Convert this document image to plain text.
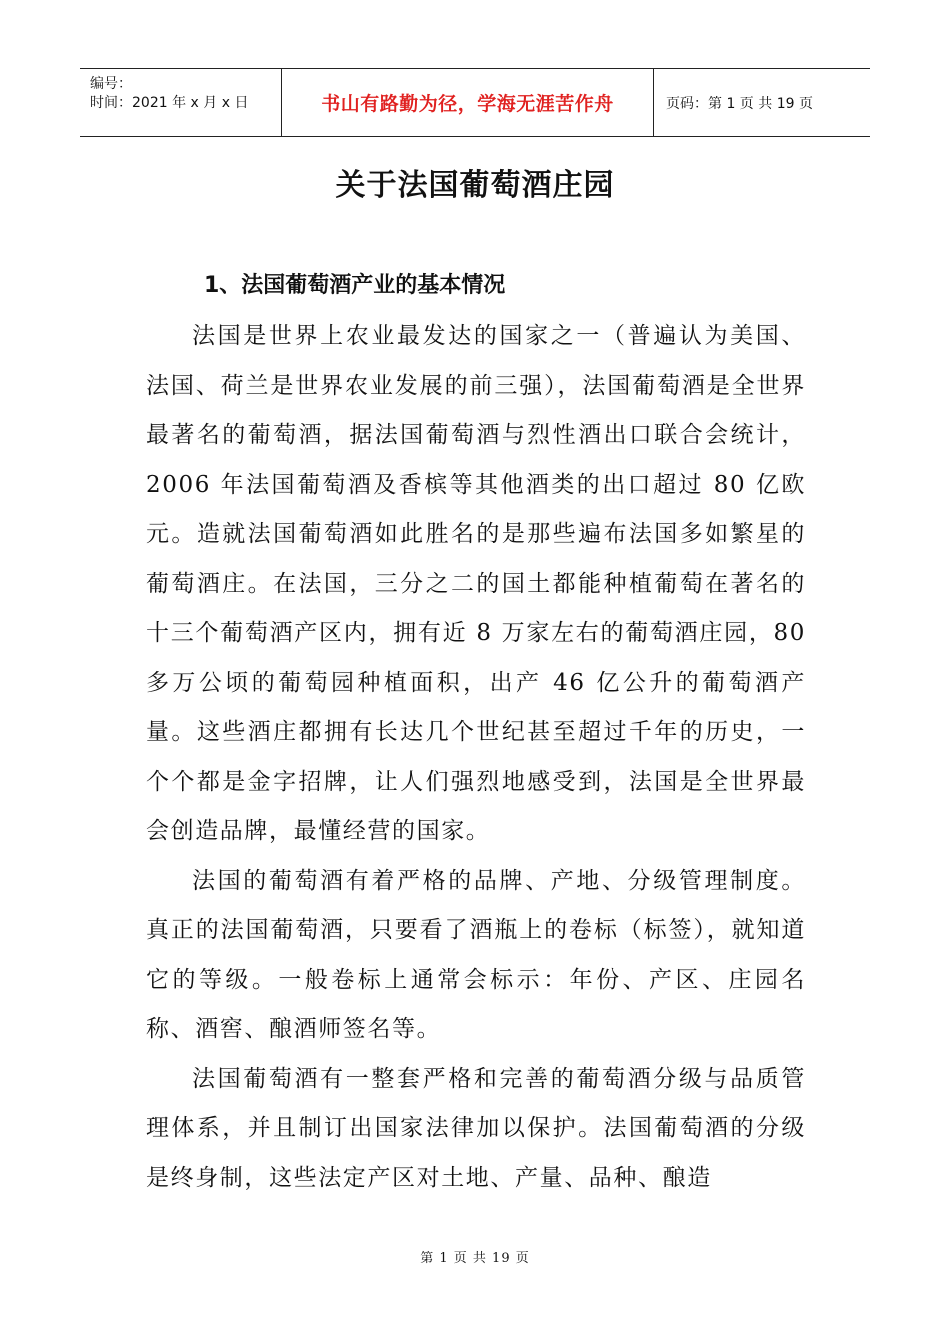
编号：
时间：2021 年 x 月 x 日	书山有路勤为径，学海无涯苦作舟	页码：第 1 页 共 19 页
关于法国葡萄酒庄园
1、法国葡萄酒产业的基本情况

法国是世界上农业最发达的国家之一（普遍认为美国、法国、荷兰是世界农业发展的前三强），法国葡萄酒是全世界最著名的葡萄酒，据法国葡萄酒与烈性酒出口联合会统计，2006 年法国葡萄酒及香槟等其他酒类的出口超过 80 亿欧元。造就法国葡萄酒如此胜名的是那些遍布法国多如繁星的葡萄酒庄。在法国，三分之二的国土都能种植葡萄在著名的十三个葡萄酒产区内，拥有近 8 万家左右的葡萄酒庄园，80 多万公顷的葡萄园种植面积，出产 46 亿公升的葡萄酒产量。这些酒庄都拥有长达几个世纪甚至超过千年的历史，一个个都是金字招牌，让人们强烈地感受到，法国是全世界最会创造品牌，最懂经营的国家。

法国的葡萄酒有着严格的品牌、产地、分级管理制度。真正的法国葡萄酒，只要看了酒瓶上的卷标（标签），就知道它的等级。一般卷标上通常会标示：年份、产区、庄园名称、酒窖、酿酒师签名等。

法国葡萄酒有一整套严格和完善的葡萄酒分级与品质管理体系，并且制订出国家法律加以保护。法国葡萄酒的分级是终身制，这些法定产区对土地、产量、品种、酿造

第 1 页 共 19 页
